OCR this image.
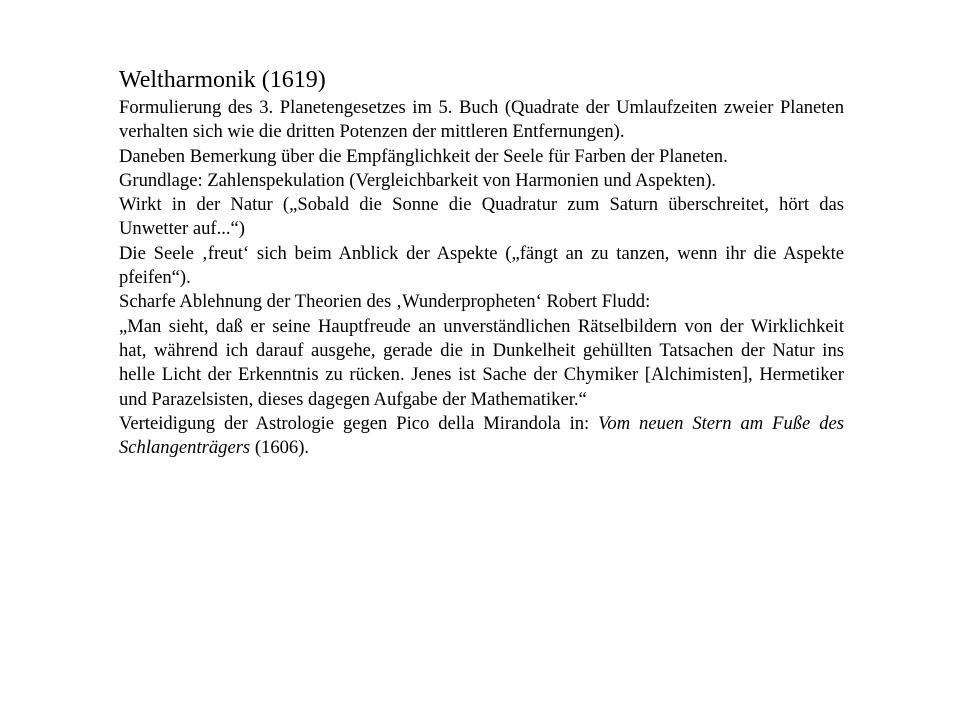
Weltharmonik (1619)

Formulierung des 3. Planetengesetzes im 5. Buch (Quadrate der Umlaufzeiten zweier Planeten verhalten sich wie die dritten Potenzen der mittleren Entfernungen).

Daneben Bemerkung über die Empfänglichkeit der Seele für Farben der Planeten.

Grundlage: Zahlenspekulation (Vergleichbarkeit von Harmonien und Aspekten).

Wirkt in der Natur („Sobald die Sonne die Quadratur zum Saturn überschreitet, hört das Unwetter auf...“)

Die Seele ‚freut‘ sich beim Anblick der Aspekte („fängt an zu tanzen, wenn ihr die Aspekte pfeifen“).

Scharfe Ablehnung der Theorien des ‚Wunderpropheten‘ Robert Fludd:

„Man sieht, daß er seine Hauptfreude an unverständlichen Rätselbildern von der Wirklichkeit hat, während ich darauf ausgehe, gerade die in Dunkelheit gehüllten Tatsachen der Natur ins helle Licht der Erkenntnis zu rücken. Jenes ist Sache der Chymiker [Alchimisten], Hermetiker und Parazelsisten, dieses dagegen Aufgabe der Mathematiker.“

Verteidigung der Astrologie gegen Pico della Mirandola in: Vom neuen Stern am Fuße des Schlangenträgers (1606).
